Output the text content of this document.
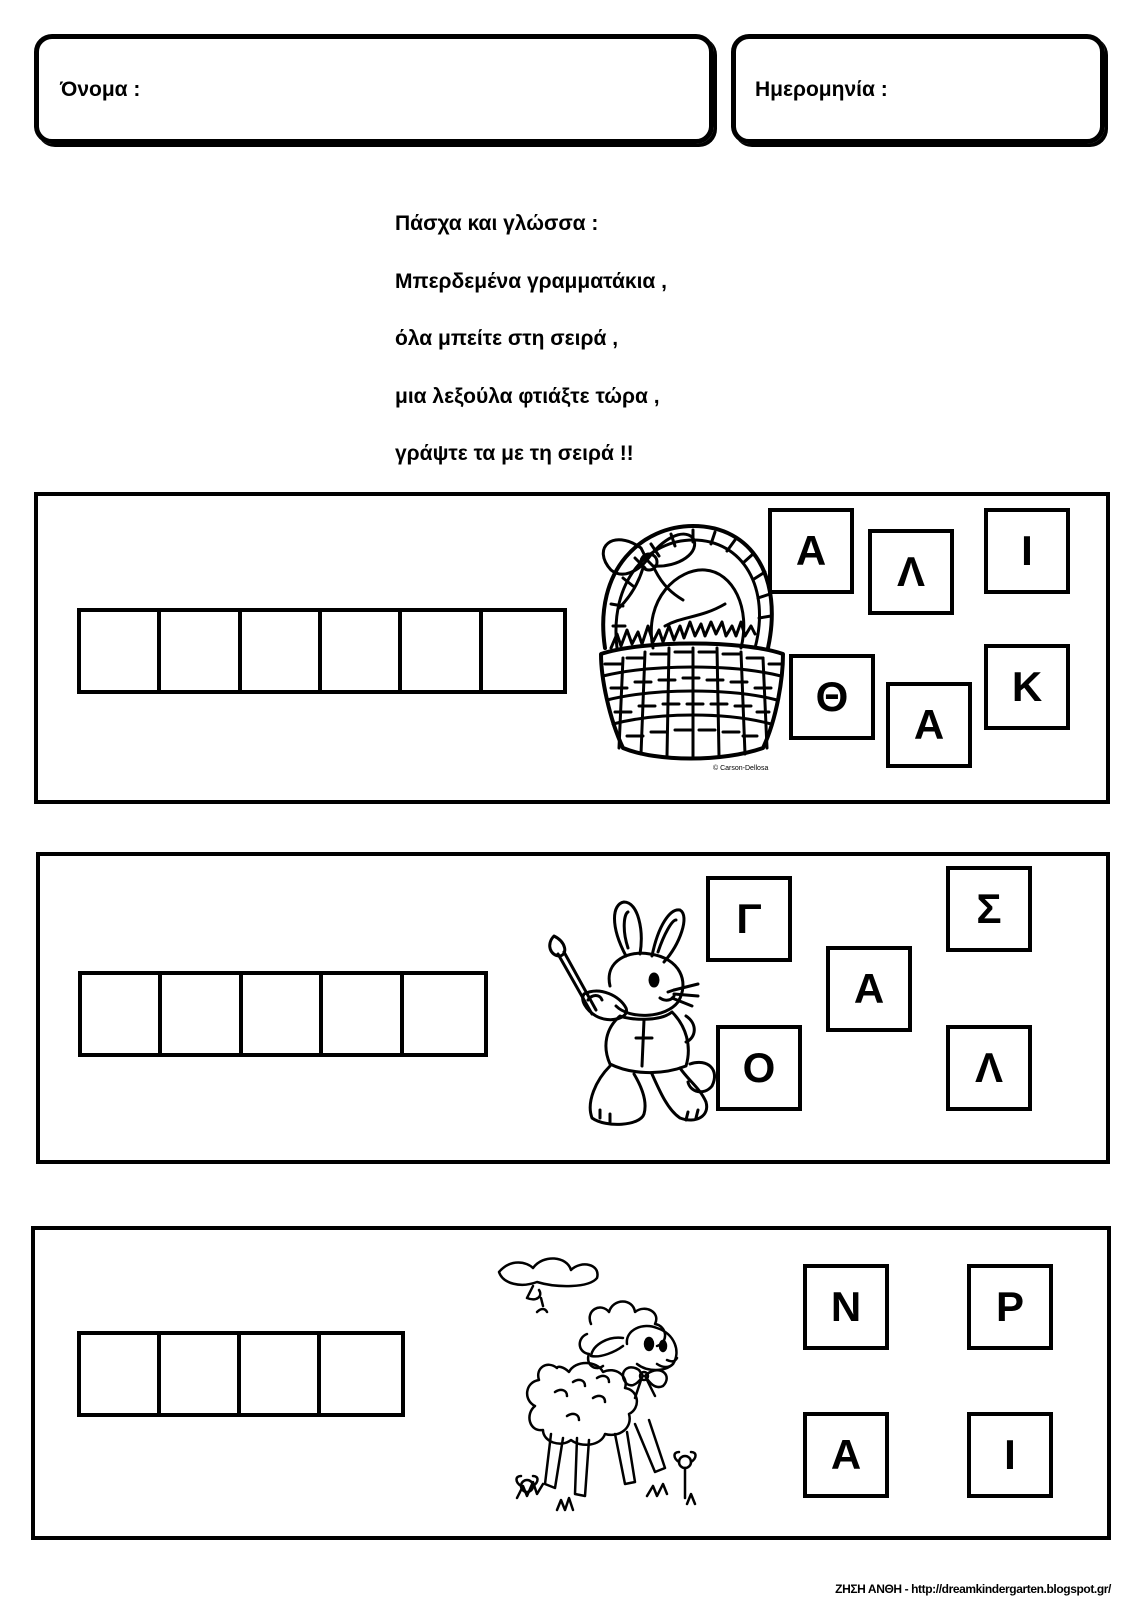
Όνομα :	Ημερομηνία :
Πάσχα και γλώσσα :
Μπερδεμένα γραμματάκια ,
όλα μπείτε στη σειρά ,
μια λεξούλα φτιάξτε τώρα ,
γράψτε τα με τη σειρά !!
© Carson-Dellosa
Α Λ Ι
Θ
Α
Κ
Γ	Σ
Α
Ο	Λ
Ν	Ρ
Α	Ι
ΖΗΣΗ ΑΝΘΗ - http://dreamkindergarten.blogspot.gr/
